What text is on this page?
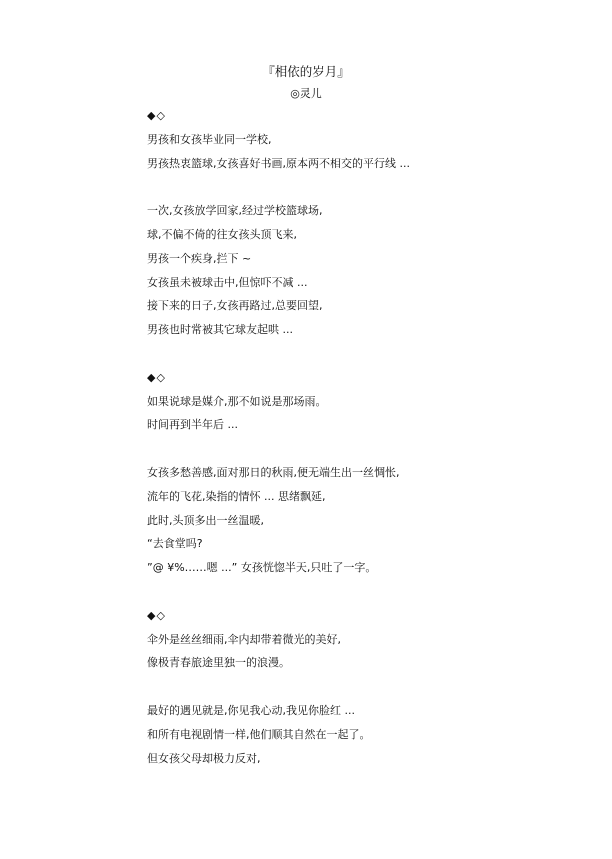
『相依的岁月』
◎灵儿
◆◇
男孩和女孩毕业同一学校,
男孩热衷篮球,女孩喜好书画,原本两不相交的平行线 ...
一次,女孩放学回家,经过学校篮球场,
球,不偏不倚的往女孩头顶飞来,
男孩一个疾身,拦下 ~
女孩虽未被球击中,但惊吓不减 ...
接下来的日子,女孩再路过,总要回望,
男孩也时常被其它球友起哄 ...
◆◇
如果说球是媒介,那不如说是那场雨。
时间再到半年后 ...
女孩多愁善感,面对那日的秋雨,便无端生出一丝惆怅,
流年的飞花,染指的情怀 ... 思绪飘延,
此时,头顶多出一丝温暖,
“去食堂吗?
”@ ¥%……嗯 ...” 女孩恍惚半天,只吐了一字。
◆◇
伞外是丝丝细雨,伞内却带着微光的美好,
像极青春旅途里独一的浪漫。
最好的遇见就是,你见我心动,我见你脸红 ...
和所有电视剧情一样,他们顺其自然在一起了。
但女孩父母却极力反对,
